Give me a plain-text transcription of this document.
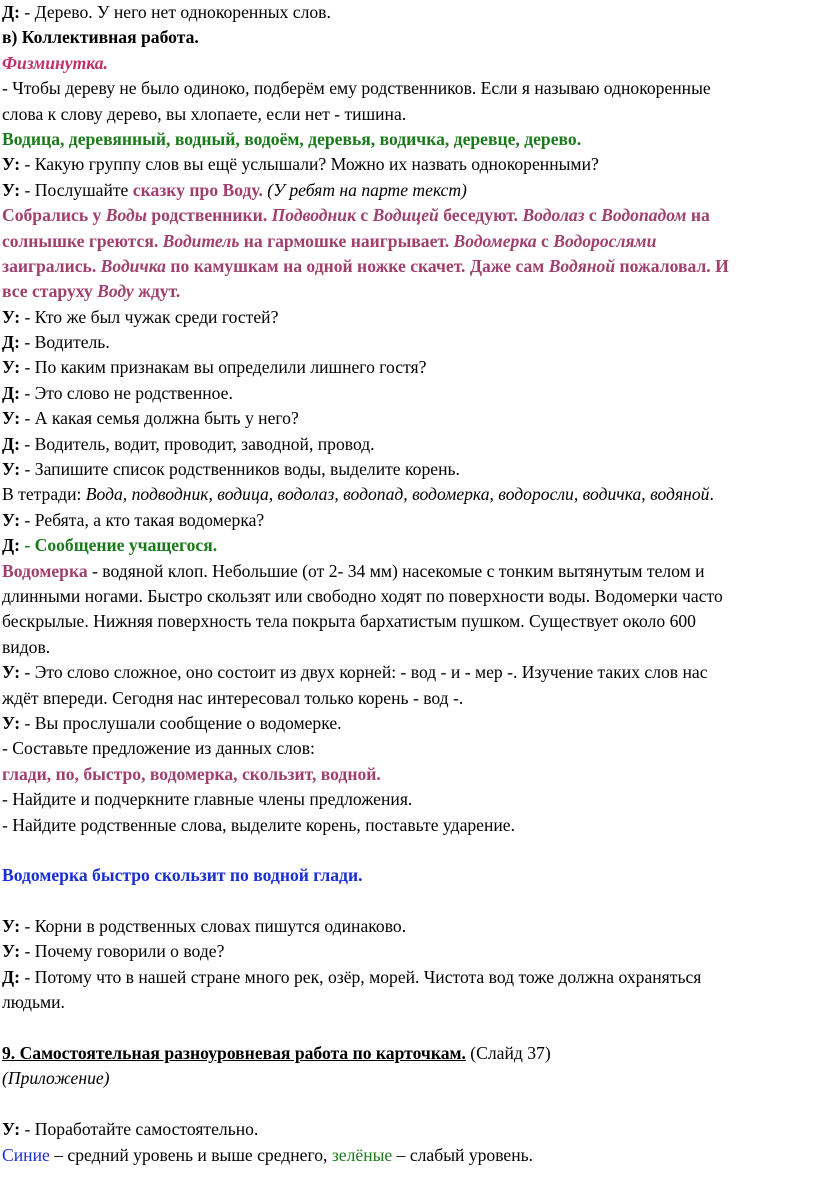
Д: - Дерево. У него нет однокоренных слов.
в) Коллективная работа.
Физминутка.
- Чтобы дереву не было одиноко, подберём ему родственников. Если я называю однокоренные
слова к слову дерево, вы хлопаете, если нет - тишина.
Водица, деревянный, водный, водоём, деревья, водичка, деревце, дерево.
У: - Какую группу слов вы ещё услышали? Можно их назвать однокоренными?
У: - Послушайте сказку про Воду. (У ребят на парте текст)
Собрались у Воды родственники. Подводник с Водицей беседуют. Водолаз с Водопадом на
солнышке греются. Водитель на гармошке наигрывает. Водомерка с Водорослями
заигрались. Водичка по камушкам на одной ножке скачет. Даже сам Водяной пожаловал. И
все старуху Воду ждут.
У: - Кто же был чужак среди гостей?
Д: - Водитель.
У: - По каким признакам вы определили лишнего гостя?
Д: - Это слово не родственное.
У: - А какая семья должна быть у него?
Д: - Водитель, водит, проводит, заводной, провод.
У: - Запишите список родственников воды, выделите корень.
В тетради: Вода, подводник, водица, водолаз, водопад, водомерка, водоросли, водичка, водяной.
У: - Ребята, а кто такая водомерка?
Д: - Сообщение учащегося.
Водомерка - водяной клоп. Небольшие (от 2- 34 мм) насекомые с тонким вытянутым телом и
длинными ногами. Быстро скользят или свободно ходят по поверхности воды. Водомерки часто
бескрылые. Нижняя поверхность тела покрыта бархатистым пушком. Существует около 600
видов.
У: - Это слово сложное, оно состоит из двух корней: - вод - и - мер -. Изучение таких слов нас
ждёт впереди. Сегодня нас интересовал только корень - вод -.
У: - Вы прослушали сообщение о водомерке.
- Составьте предложение из данных слов:
глади, по, быстро, водомерка, скользит, водной.
- Найдите и подчеркните главные члены предложения.
- Найдите родственные слова, выделите корень, поставьте ударение.
Водомерка быстро скользит по водной глади.
У: - Корни в родственных словах пишутся одинаково.
У: - Почему говорили о воде?
Д: - Потому что в нашей стране много рек, озёр, морей. Чистота вод тоже должна охраняться
людьми.
9. Самостоятельная разноуровневая работа по карточкам. (Слайд 37)
(Приложение)
У: - Поработайте самостоятельно.
Синие – средний уровень и выше среднего, зелёные – слабый уровень.
